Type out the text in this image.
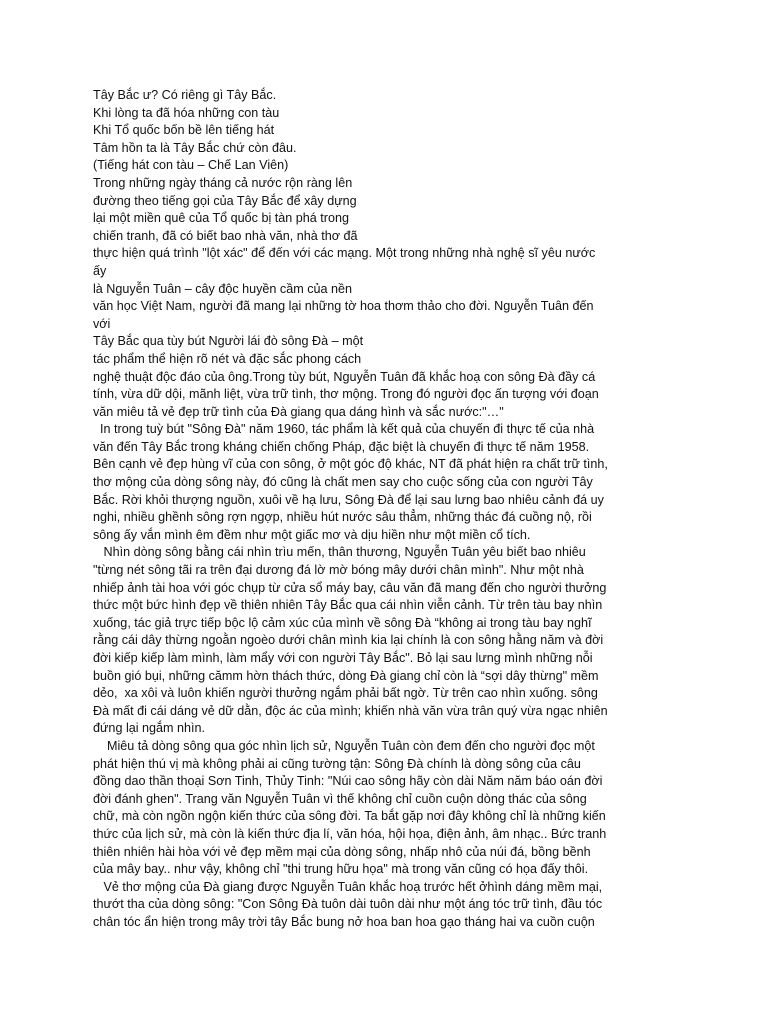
Tây Bắc ư? Có riêng gì Tây Bắc.

Khi lòng ta đã hóa những con tàu

Khi Tổ quốc bốn bề lên tiếng hát

Tâm hồn ta là Tây Bắc chứ còn đâu.

(Tiếng hát con tàu – Chế Lan Viên)

Trong những ngày tháng cả nước rộn ràng lên

đường theo tiếng gọi của Tây Bắc để xây dựng

lại một miền quê của Tổ quốc bị tàn phá trong

chiến tranh, đã có biết bao nhà văn, nhà thơ đã

thực hiện quá trình "lột xác" để đến với các mạng. Một trong những nhà nghệ sĩ yêu nước

ấy

là Nguyễn Tuân – cây độc huyền cầm của nền

văn học Việt Nam, người đã mang lại những tờ hoa thơm thảo cho đời. Nguyễn Tuân đến

với

Tây Bắc qua tùy bút Người lái đò sông Đà – một

tác phẩm thể hiện rõ nét và đặc sắc phong cách

nghệ thuật độc đáo của ông.Trong tùy bút, Nguyễn Tuân đã khắc hoạ con sông Đà đầy cá

tính, vừa dữ dội, mãnh liệt, vừa trữ tình, thơ mộng. Trong đó người đọc ấn tượng với đoạn

văn miêu tả vẻ đẹp trữ tình của Đà giang qua dáng hình và sắc nước:"…"

In trong tuỳ bút "Sông Đà" năm 1960, tác phẩm là kết quả của chuyến đi thực tế của nhà

văn đến Tây Bắc trong kháng chiến chống Pháp, đặc biệt là chuyến đi thực tế năm 1958.

Bên cạnh vẻ đẹp hùng vĩ của con sông, ở một góc độ khác, NT đã phát hiện ra chất trữ tình,

thơ mộng của dòng sông này, đó cũng là chất men say cho cuộc sống của con người Tây

Bắc. Rời khỏi thượng nguồn, xuôi về hạ lưu, Sông Đà để lại sau lưng bao nhiêu cảnh đá uy

nghi, nhiều ghềnh sông rợn ngợp, nhiều hút nước sâu thẳm, những thác đá cuồng nộ, rồi

sông ấy vắn mình êm đềm như một giấc mơ và dịu hiền như một miền cổ tích.

Nhìn dòng sông bằng cái nhìn trìu mến, thân thương, Nguyễn Tuân yêu biết bao nhiêu

"từng nét sông tãi ra trên đại dương đá lờ mờ bóng mây dưới chân mình". Như một nhà

nhiếp ảnh tài hoa với góc chụp từ cửa sổ máy bay, câu văn đã mang đến cho người thưởng

thức một bức hình đẹp về thiên nhiên Tây Bắc qua cái nhìn viễn cảnh. Từ trên tàu bay nhìn

xuống, tác giả trực tiếp bộc lộ cảm xúc của mình về sông Đà “không ai trong tàu bay nghĩ

rằng cái dây thừng ngoằn ngoèo dưới chân mình kia lại chính là con sông hằng năm và đời

đời kiếp kiếp làm mình, làm mẩy với con người Tây Bắc". Bỏ lại sau lưng mình những nỗi

buồn gió bụi, những cămm hờn thách thức, dòng Đà giang chỉ còn là “sợi dây thừng" mềm

dẻo,  xa xôi và luôn khiến người thưởng ngắm phải bất ngờ. Từ trên cao nhìn xuống. sông

Đà mất đi cái dáng vẻ dữ dằn, độc ác của mình; khiến nhà văn vừa trân quý vừa ngạc nhiên

đứng lại ngắm nhìn.

Miêu tả dòng sông qua góc nhìn lịch sử, Nguyễn Tuân còn đem đến cho người đọc một

phát hiện thú vị mà không phải ai cũng tường tận: Sông Đà chính là dòng sông của câu

đồng dao thần thoại Sơn Tinh, Thủy Tinh: "Núi cao sông hãy còn dài Năm năm báo oán đời

đời đánh ghen". Trang văn Nguyễn Tuân vì thế không chỉ cuồn cuộn dòng thác của sông

chữ, mà còn ngồn ngộn kiến thức của sông đời. Ta bắt gặp nơi đây không chỉ là những kiến

thức của lịch sử, mà còn là kiến thức địa lí, văn hóa, hội họa, điện ảnh, âm nhạc.. Bức tranh

thiên nhiên hài hòa với vẻ đẹp mềm mại của dòng sông, nhấp nhô của núi đá, bồng bềnh

của mây bay.. như vậy, không chỉ "thi trung hữu họa" mà trong văn cũng có họa đấy thôi.

Vẻ thơ mộng của Đà giang được Nguyễn Tuân khắc hoạ trước hết ởhình dáng mềm mại,

thướt tha của dòng sông: "Con Sông Đà tuôn dài tuôn dài như một áng tóc trữ tình, đầu tóc

chân tóc ẩn hiện trong mây trời tây Bắc bung nở hoa ban hoa gạo tháng hai va cuồn cuộn
